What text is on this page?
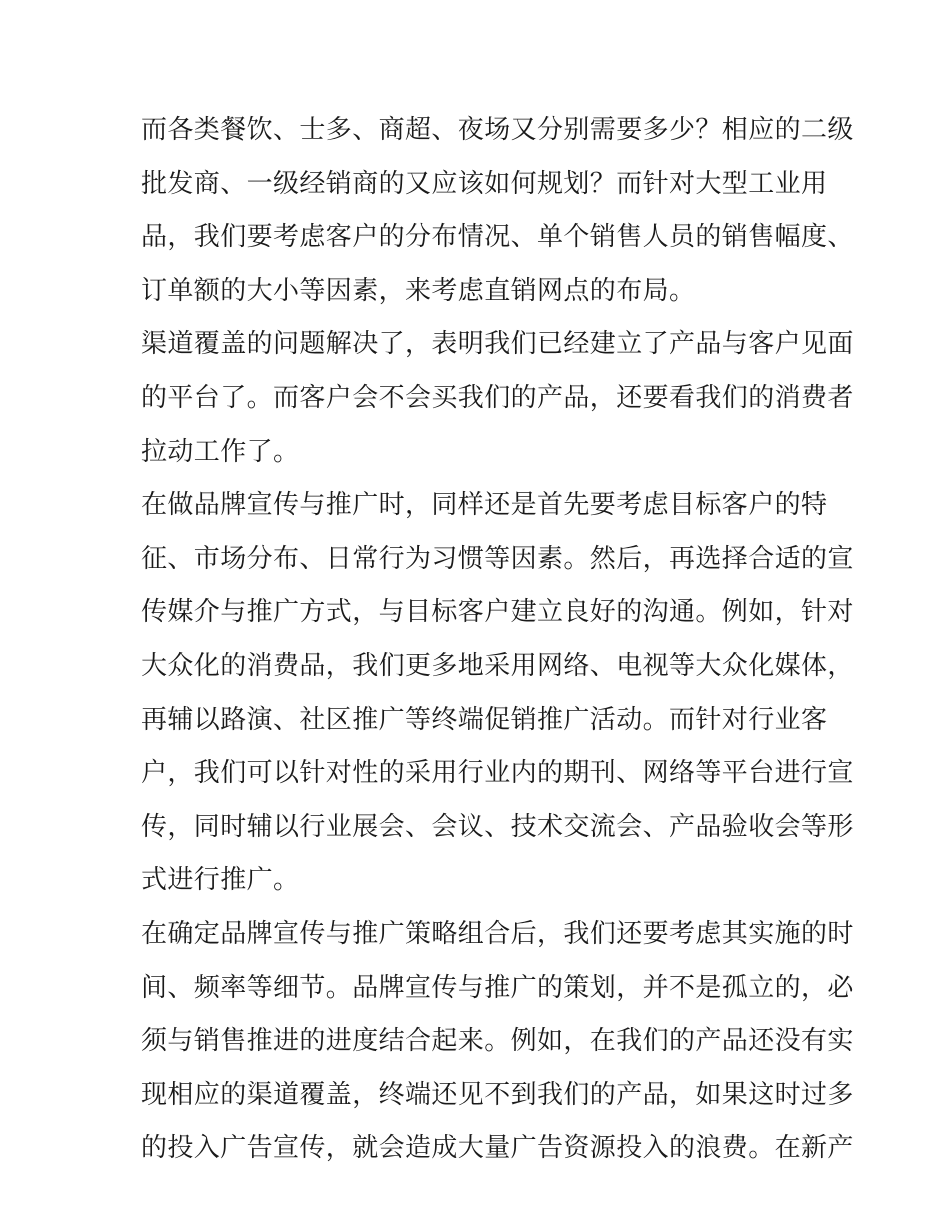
而各类餐饮、士多、商超、夜场又分别需要多少？相应的二级
批发商、一级经销商的又应该如何规划？而针对大型工业用
品，我们要考虑客户的分布情况、单个销售人员的销售幅度、
订单额的大小等因素，来考虑直销网点的布局。
渠道覆盖的问题解决了，表明我们已经建立了产品与客户见面
的平台了。而客户会不会买我们的产品，还要看我们的消费者
拉动工作了。
在做品牌宣传与推广时，同样还是首先要考虑目标客户的特
征、市场分布、日常行为习惯等因素。然后，再选择合适的宣
传媒介与推广方式，与目标客户建立良好的沟通。例如，针对
大众化的消费品，我们更多地采用网络、电视等大众化媒体，
再辅以路演、社区推广等终端促销推广活动。而针对行业客
户，我们可以针对性的采用行业内的期刊、网络等平台进行宣
传，同时辅以行业展会、会议、技术交流会、产品验收会等形
式进行推广。
在确定品牌宣传与推广策略组合后，我们还要考虑其实施的时
间、频率等细节。品牌宣传与推广的策划，并不是孤立的，必
须与销售推进的进度结合起来。例如，在我们的产品还没有实
现相应的渠道覆盖，终端还见不到我们的产品，如果这时过多
的投入广告宣传，就会造成大量广告资源投入的浪费。在新产
